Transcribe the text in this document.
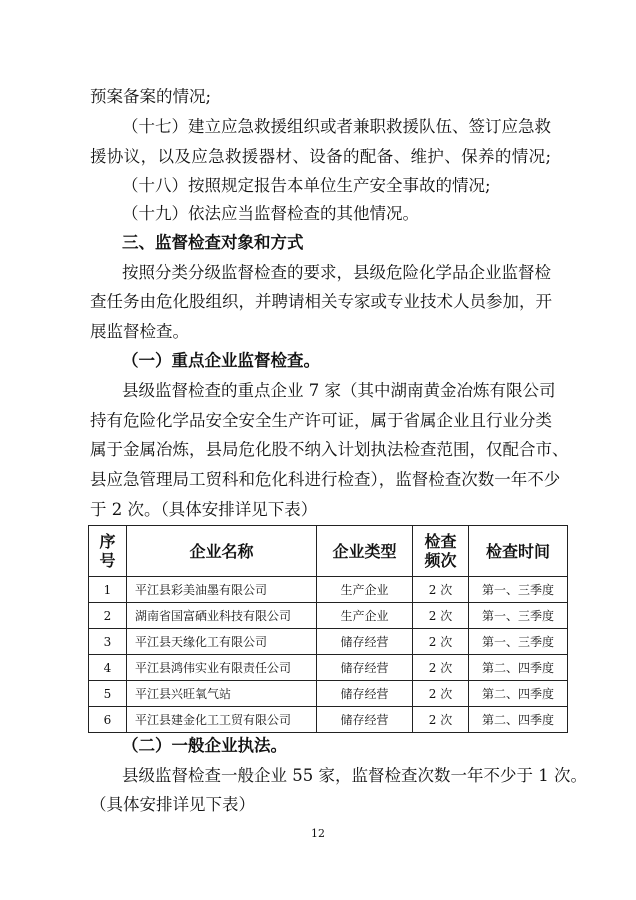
预案备案的情况;
（十七）建立应急救援组织或者兼职救援队伍、签订应急救
援协议，以及应急救援器材、设备的配备、维护、保养的情况;
（十八）按照规定报告本单位生产安全事故的情况;
（十九）依法应当监督检查的其他情况。
三、监督检查对象和方式
按照分类分级监督检查的要求，县级危险化学品企业监督检
查任务由危化股组织，并聘请相关专家或专业技术人员参加，开
展监督检查。
（一）重点企业监督检查。
县级监督检查的重点企业 7 家（其中湖南黄金冶炼有限公司
持有危险化学品安全安全生产许可证，属于省属企业且行业分类
属于金属冶炼，县局危化股不纳入计划执法检查范围，仅配合市、
县应急管理局工贸科和危化科进行检查），监督检查次数一年不少
于 2 次。（具体安排详见下表）
序号	企业名称	企业类型	检查频次	检查时间
1	平江县彩美油墨有限公司	生产企业	2 次	第一、三季度
2	湖南省国富硒业科技有限公司	生产企业	2 次	第一、三季度
3	平江县天缘化工有限公司	储存经营	2 次	第一、三季度
4	平江县鸿伟实业有限责任公司	储存经营	2 次	第二、四季度
5	平江县兴旺氧气站	储存经营	2 次	第二、四季度
6	平江县建金化工工贸有限公司	储存经营	2 次	第二、四季度
（二）一般企业执法。
县级监督检查一般企业 55 家，监督检查次数一年不少于 1 次。
（具体安排详见下表）
12
